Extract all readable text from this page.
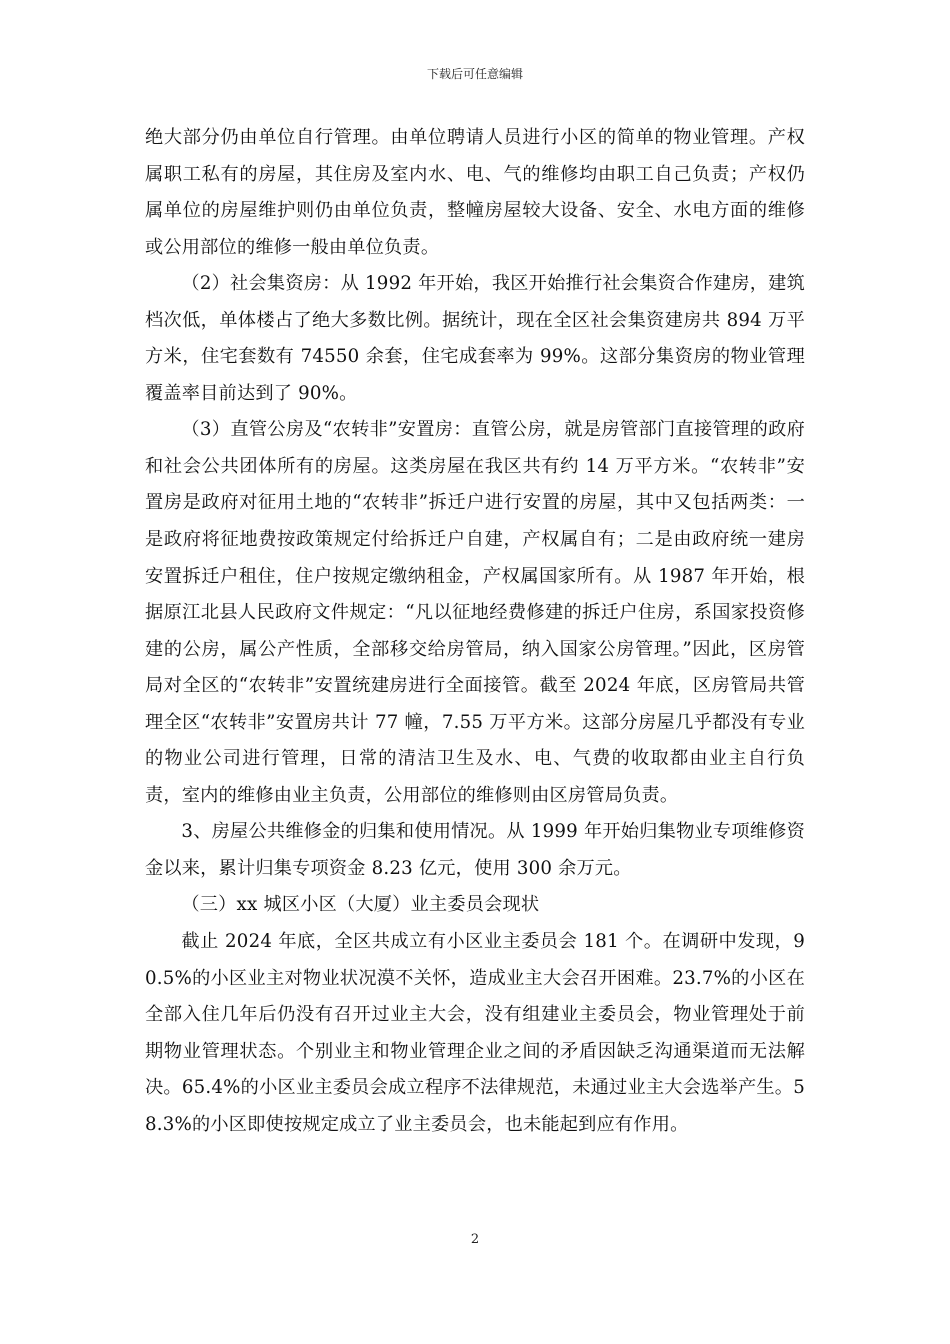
下载后可任意编辑

绝大部分仍由单位自行管理。由单位聘请人员进行小区的简单的物业管理。产权属职工私有的房屋，其住房及室内水、电、气的维修均由职工自己负责；产权仍属单位的房屋维护则仍由单位负责，整幢房屋较大设备、安全、水电方面的维修或公用部位的维修一般由单位负责。

（2）社会集资房：从 1992 年开始，我区开始推行社会集资合作建房，建筑档次低，单体楼占了绝大多数比例。据统计，现在全区社会集资建房共 894 万平方米，住宅套数有 74550 余套，住宅成套率为 99%。这部分集资房的物业管理覆盖率目前达到了 90%。

（3）直管公房及“农转非”安置房：直管公房，就是房管部门直接管理的政府和社会公共团体所有的房屋。这类房屋在我区共有约 14 万平方米。“农转非”安置房是政府对征用土地的“农转非”拆迁户进行安置的房屋，其中又包括两类：一是政府将征地费按政策规定付给拆迁户自建，产权属自有；二是由政府统一建房安置拆迁户租住，住户按规定缴纳租金，产权属国家所有。从 1987 年开始，根据原江北县人民政府文件规定：“凡以征地经费修建的拆迁户住房，系国家投资修建的公房，属公产性质，全部移交给房管局，纳入国家公房管理。”因此，区房管局对全区的“农转非”安置统建房进行全面接管。截至 2024 年底，区房管局共管理全区“农转非”安置房共计 77 幢，7.55 万平方米。这部分房屋几乎都没有专业的物业公司进行管理，日常的清洁卫生及水、电、气费的收取都由业主自行负责，室内的维修由业主负责，公用部位的维修则由区房管局负责。

3、房屋公共维修金的归集和使用情况。从 1999 年开始归集物业专项维修资金以来，累计归集专项资金 8.23 亿元，使用 300 余万元。

（三）xx 城区小区（大厦）业主委员会现状

截止 2024 年底，全区共成立有小区业主委员会 181 个。在调研中发现，90.5%的小区业主对物业状况漠不关怀，造成业主大会召开困难。23.7%的小区在全部入住几年后仍没有召开过业主大会，没有组建业主委员会，物业管理处于前期物业管理状态。个别业主和物业管理企业之间的矛盾因缺乏沟通渠道而无法解决。65.4%的小区业主委员会成立程序不法律规范，未通过业主大会选举产生。58.3%的小区即使按规定成立了业主委员会，也未能起到应有作用。

2
